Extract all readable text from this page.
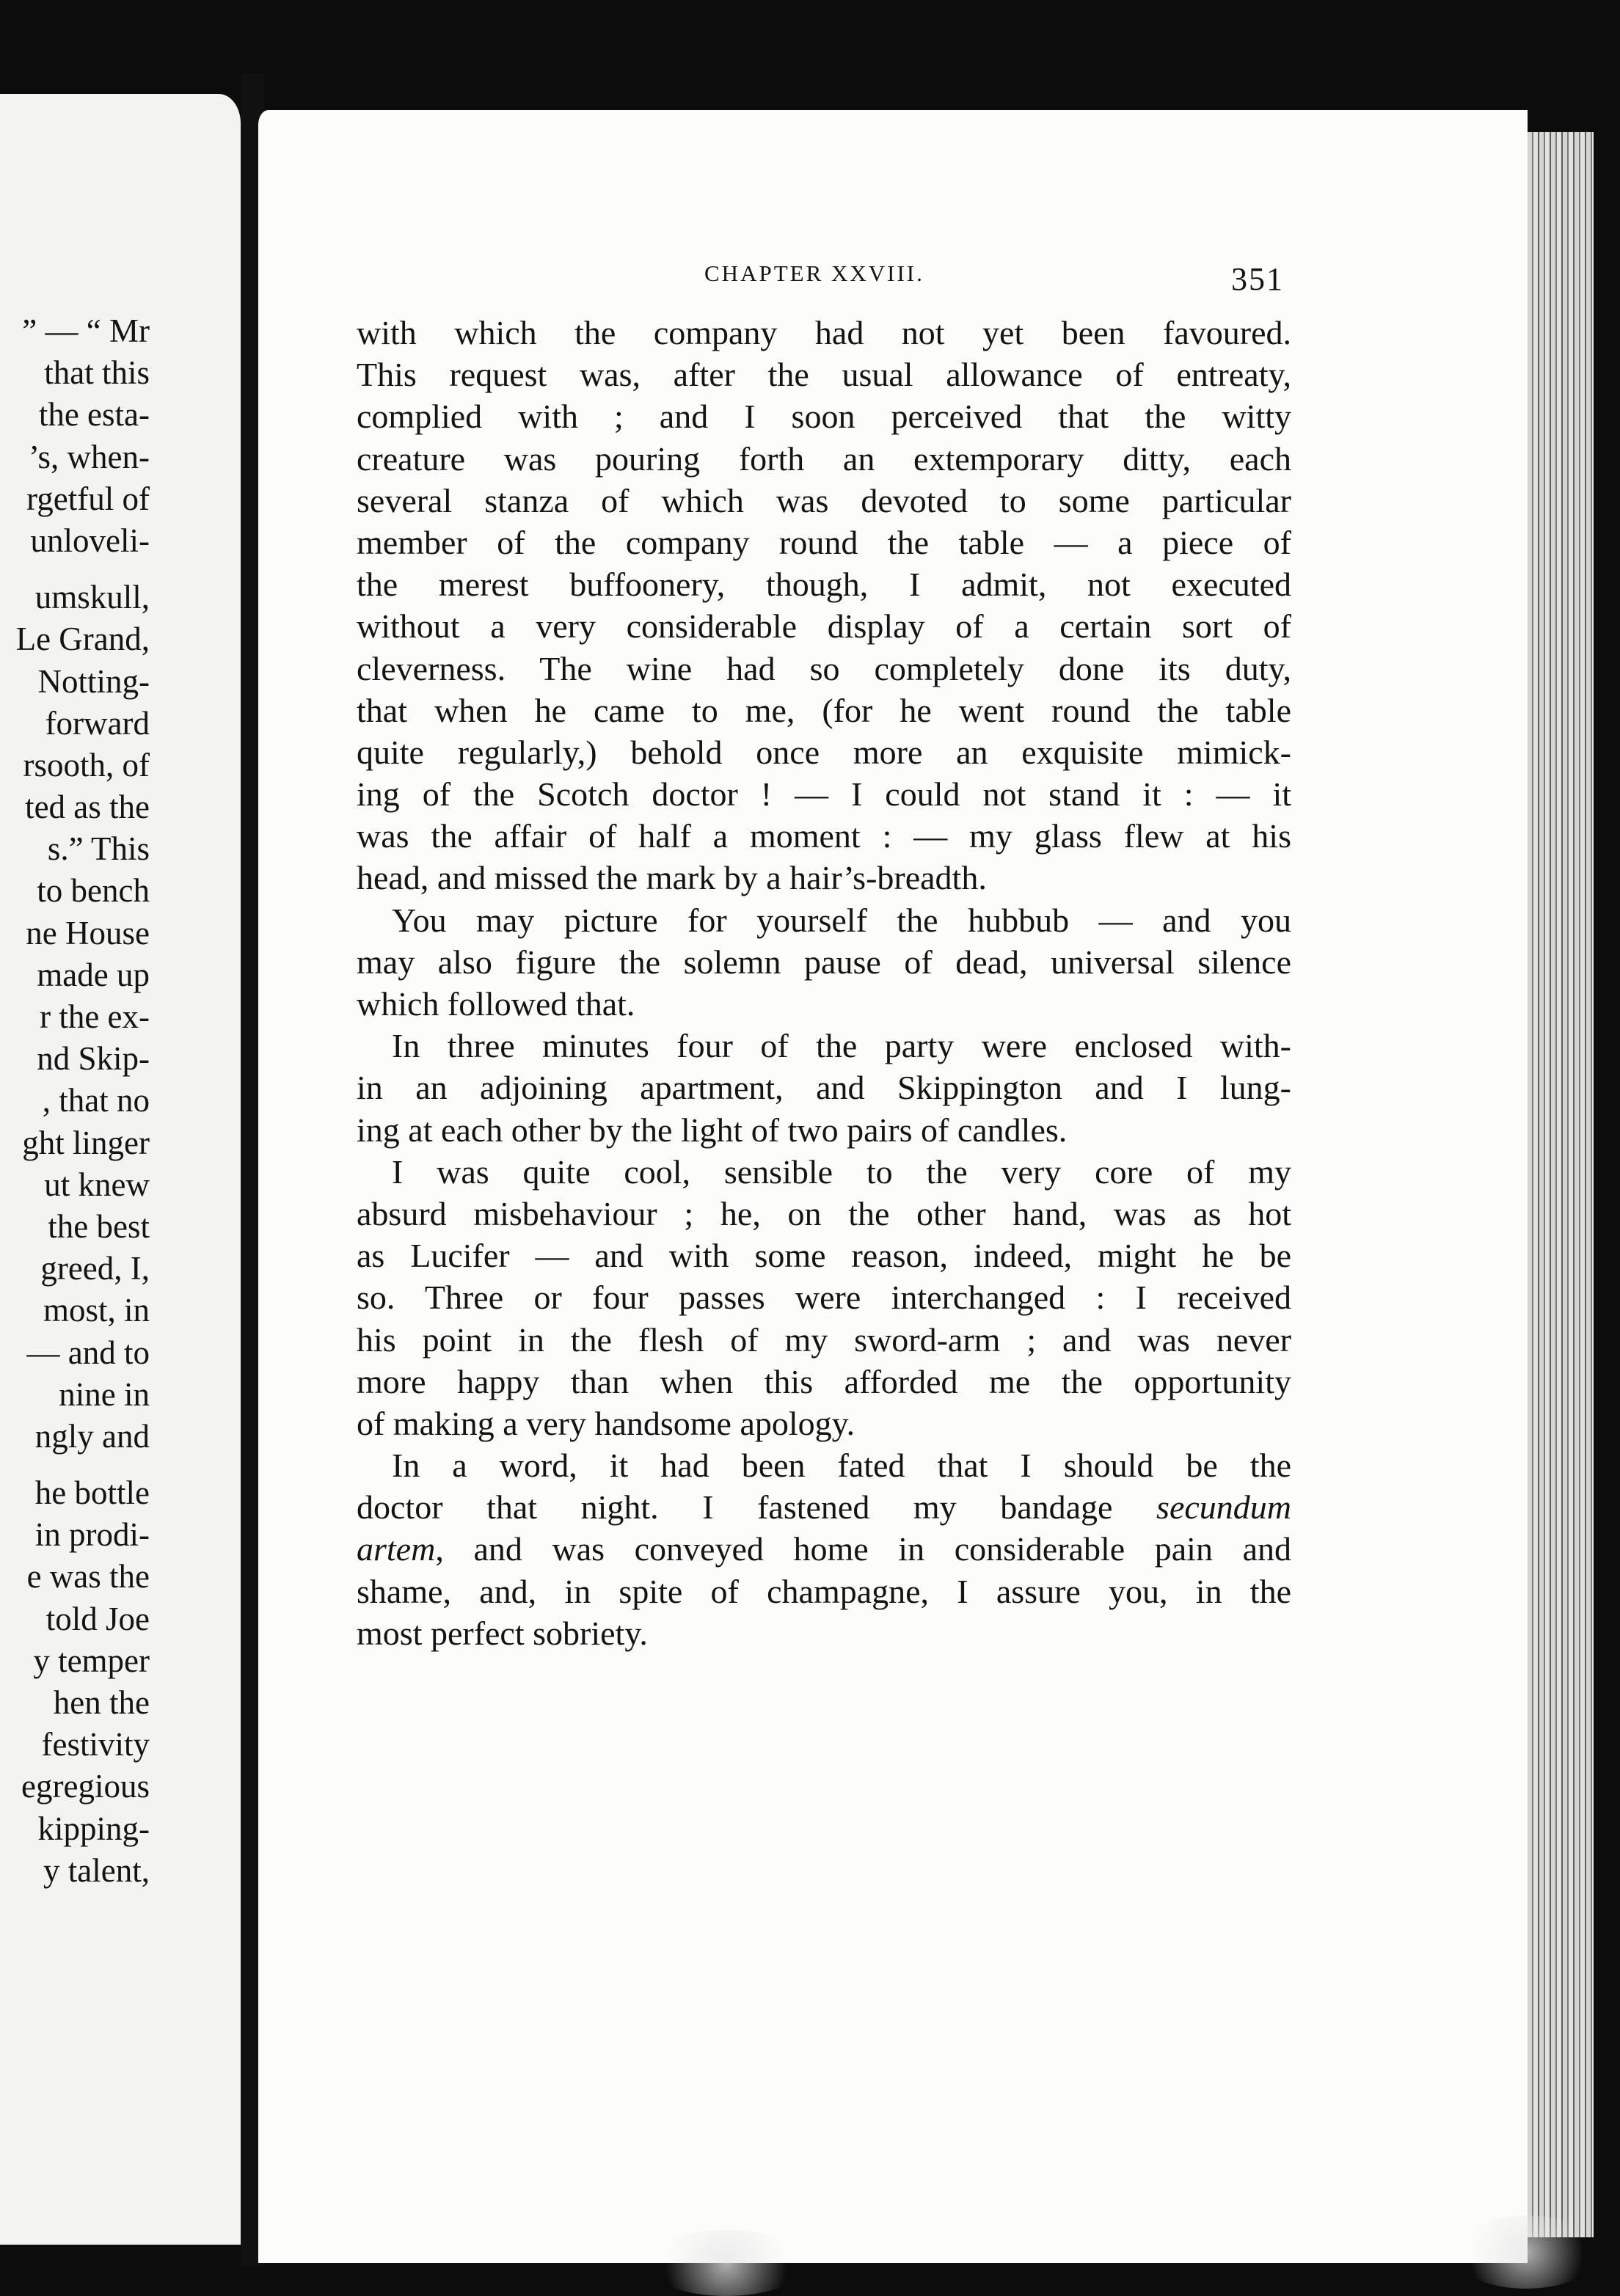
” — “ Mr
that this
the esta-
’s, when-
rgetful of
unloveli-
umskull,
Le Grand,
Notting-
forward
rsooth, of
ted as the
s.” This
to bench
ne House
made up
r the ex-
nd Skip-
, that no
ght linger
ut knew
the best
greed, I,
most, in
— and to
nine in
ngly and
he bottle
in prodi-
e was the
told Joe
y temper
hen the
festivity
egregious
kipping-
y talent,
CHAPTER XXVIII.	351
with which the company had not yet been favoured.
This request was, after the usual allowance of entreaty,
complied with ; and I soon perceived that the witty
creature was pouring forth an extemporary ditty, each
several stanza of which was devoted to some particular
member of the company round the table — a piece of
the merest buffoonery, though, I admit, not executed
without a very considerable display of a certain sort of
cleverness. The wine had so completely done its duty,
that when he came to me, (for he went round the table
quite regularly,) behold once more an exquisite mimick-
ing of the Scotch doctor ! — I could not stand it : — it
was the affair of half a moment : — my glass flew at his
head, and missed the mark by a hair’s-breadth.
You may picture for yourself the hubbub — and you
may also figure the solemn pause of dead, universal silence
which followed that.
In three minutes four of the party were enclosed with-
in an adjoining apartment, and Skippington and I lung-
ing at each other by the light of two pairs of candles.
I was quite cool, sensible to the very core of my
absurd misbehaviour ; he, on the other hand, was as hot
as Lucifer — and with some reason, indeed, might he be
so. Three or four passes were interchanged : I received
his point in the flesh of my sword-arm ; and was never
more happy than when this afforded me the opportunity
of making a very handsome apology.
In a word, it had been fated that I should be the
doctor that night. I fastened my bandage secundum
artem, and was conveyed home in considerable pain and
shame, and, in spite of champagne, I assure you, in the
most perfect sobriety.
